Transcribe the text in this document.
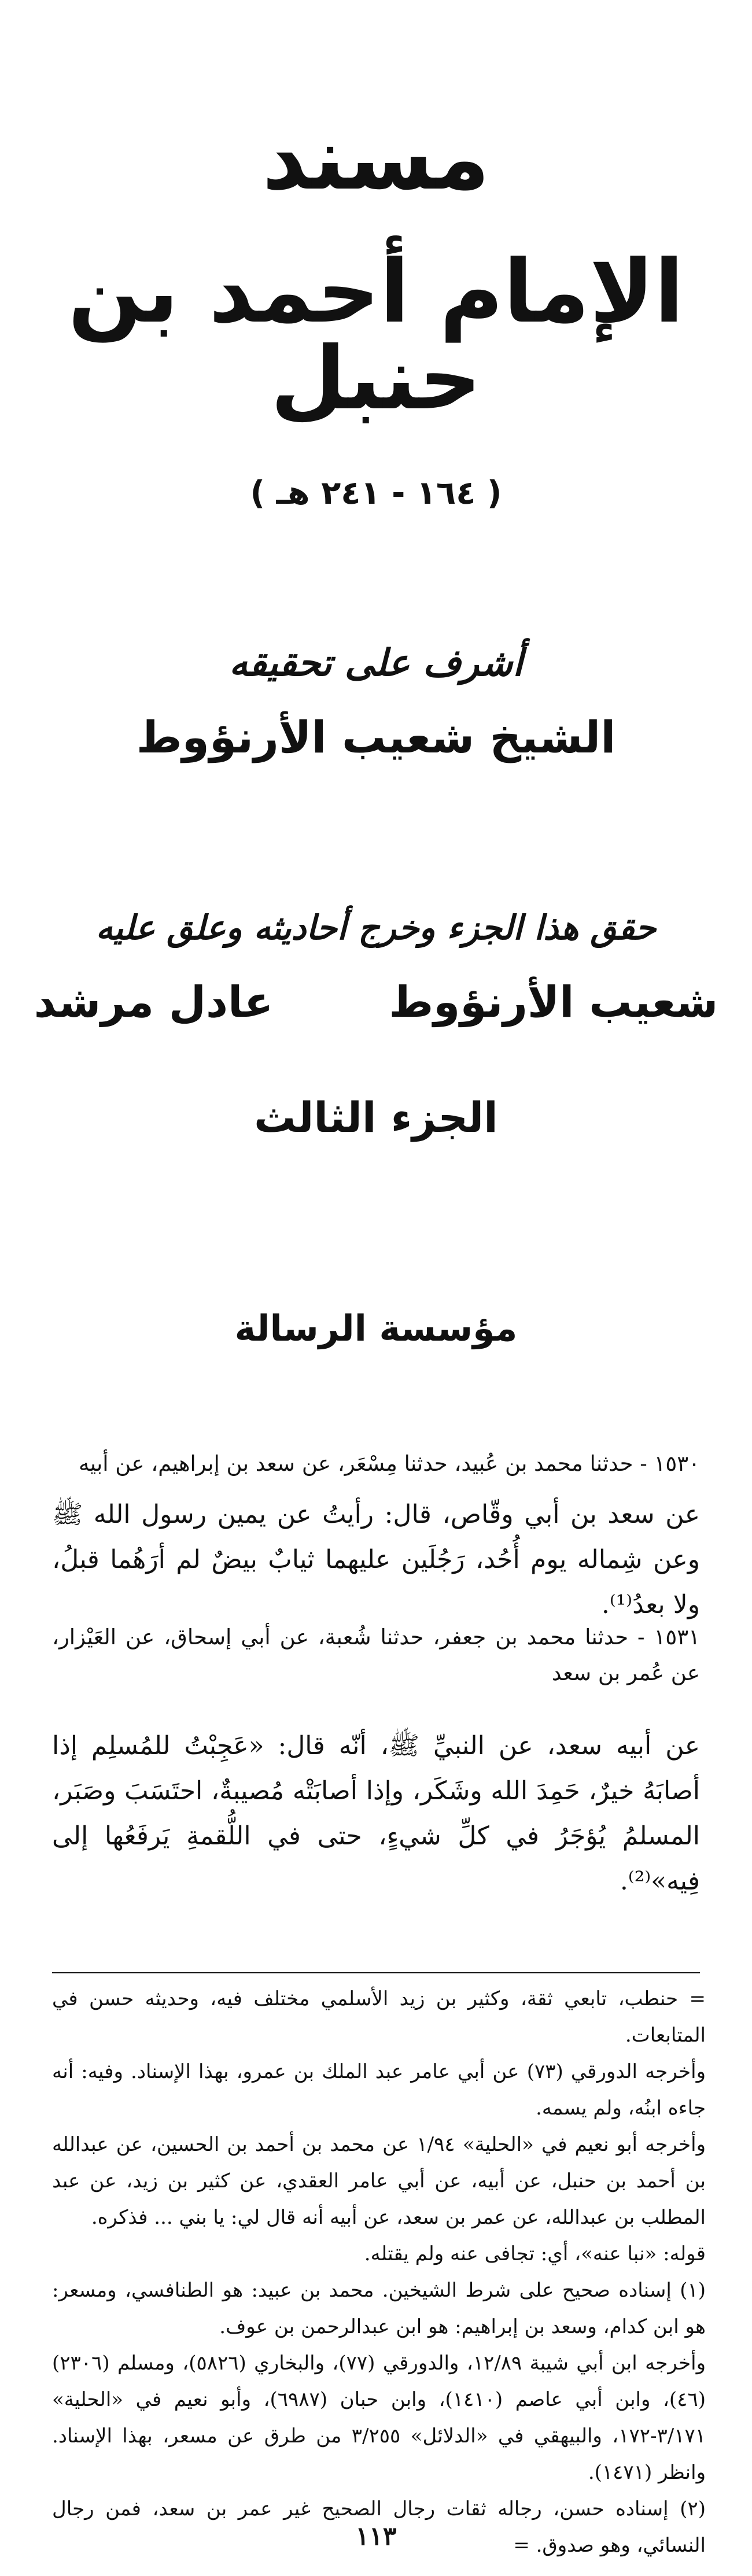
مسند
الإمام أحمد بن حنبل
( ١٦٤ - ٢٤١ هـ )
أشرف على تحقيقه
الشيخ شعيب الأرنؤوط
حقق هذا الجزء وخرج أحاديثه وعلق عليه
شعيب الأرنؤوط
عادل مرشد
الجزء الثالث
مؤسسة الرسالة
١٥٣٠ - حدثنا محمد بن عُبيد، حدثنا مِسْعَر، عن سعد بن إبراهيم، عن أبيه
عن سعد بن أبي وقّاص، قال: رأيتُ عن يمين رسول الله ﷺ وعن شِماله يوم أُحُد، رَجُلَين عليهما ثيابٌ بيضٌ لم أرَهُما قبلُ، ولا بعدُ⁽¹⁾.
١٥٣١ - حدثنا محمد بن جعفر، حدثنا شُعبة، عن أبي إسحاق، عن العَيْزار، عن عُمر بن سعد
عن أبيه سعد، عن النبيِّ ﷺ، أنّه قال: «عَجِبْتُ للمُسلِم إذا أصابَهُ خيرٌ، حَمِدَ الله وشَكَر، وإذا أصابَتْه مُصيبةٌ، احتَسَبَ وصَبَر، المسلمُ يُؤجَرُ في كلِّ شيءٍ، حتى في اللُّقمةِ يَرفَعُها إلى فِيه»⁽²⁾.

= حنطب، تابعي ثقة، وكثير بن زيد الأسلمي مختلف فيه، وحديثه حسن في المتابعات.

وأخرجه الدورقي (٧٣) عن أبي عامر عبد الملك بن عمرو، بهذا الإسناد. وفيه: أنه جاءه ابنُه، ولم يسمه.

وأخرجه أبو نعيم في «الحلية» ١/٩٤ عن محمد بن أحمد بن الحسين، عن عبدالله بن أحمد بن حنبل، عن أبيه، عن أبي عامر العقدي، عن كثير بن زيد، عن عبد المطلب بن عبدالله، عن عمر بن سعد، عن أبيه أنه قال لي: يا بني ... فذكره.

قوله: «نبا عنه»، أي: تجافى عنه ولم يقتله.

(١) إسناده صحيح على شرط الشيخين. محمد بن عبيد: هو الطنافسي، ومسعر: هو ابن كدام، وسعد بن إبراهيم: هو ابن عبدالرحمن بن عوف.

وأخرجه ابن أبي شيبة ١٢/٨٩، والدورقي (٧٧)، والبخاري (٥٨٢٦)، ومسلم (٢٣٠٦) (٤٦)، وابن أبي عاصم (١٤١٠)، وابن حبان (٦٩٨٧)، وأبو نعيم في «الحلية» ٣/١٧١-١٧٢، والبيهقي في «الدلائل» ٣/٢٥٥ من طرق عن مسعر، بهذا الإسناد. وانظر (١٤٧١).

(٢) إسناده حسن، رجاله ثقات رجال الصحيح غير عمر بن سعد، فمن رجال النسائي، وهو صدوق. =

١١٣
